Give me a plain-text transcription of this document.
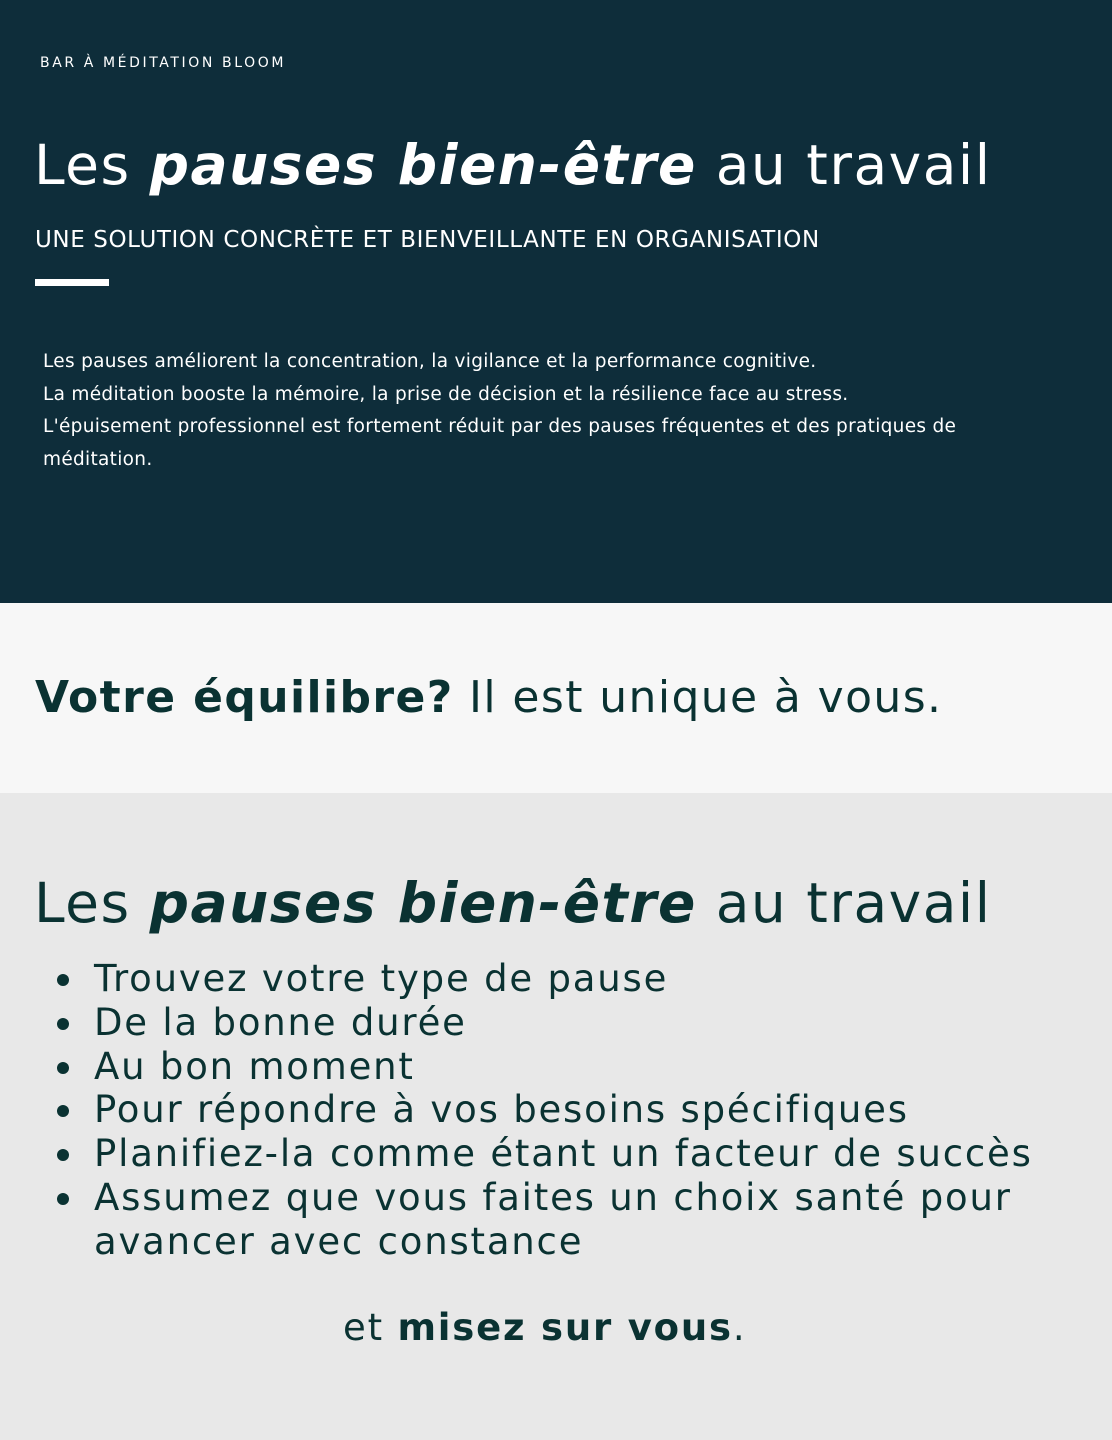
BAR À MÉDITATION BLOOM
Les pauses bien-être au travail
UNE SOLUTION CONCRÈTE ET BIENVEILLANTE EN ORGANISATION

Les pauses améliorent la concentration, la vigilance et la performance cognitive.

La méditation booste la mémoire, la prise de décision et la résilience face au stress.

L'épuisement professionnel est fortement réduit par des pauses fréquentes et des pratiques de méditation.

Votre équilibre? Il est unique à vous.
Les pauses bien-être au travail
Trouvez votre type de pause
De la bonne durée
Au bon moment
Pour répondre à vos besoins spécifiques
Planifiez-la comme étant un facteur de succès
Assumez que vous faites un choix santé pour avancer avec constance
et misez sur vous.
